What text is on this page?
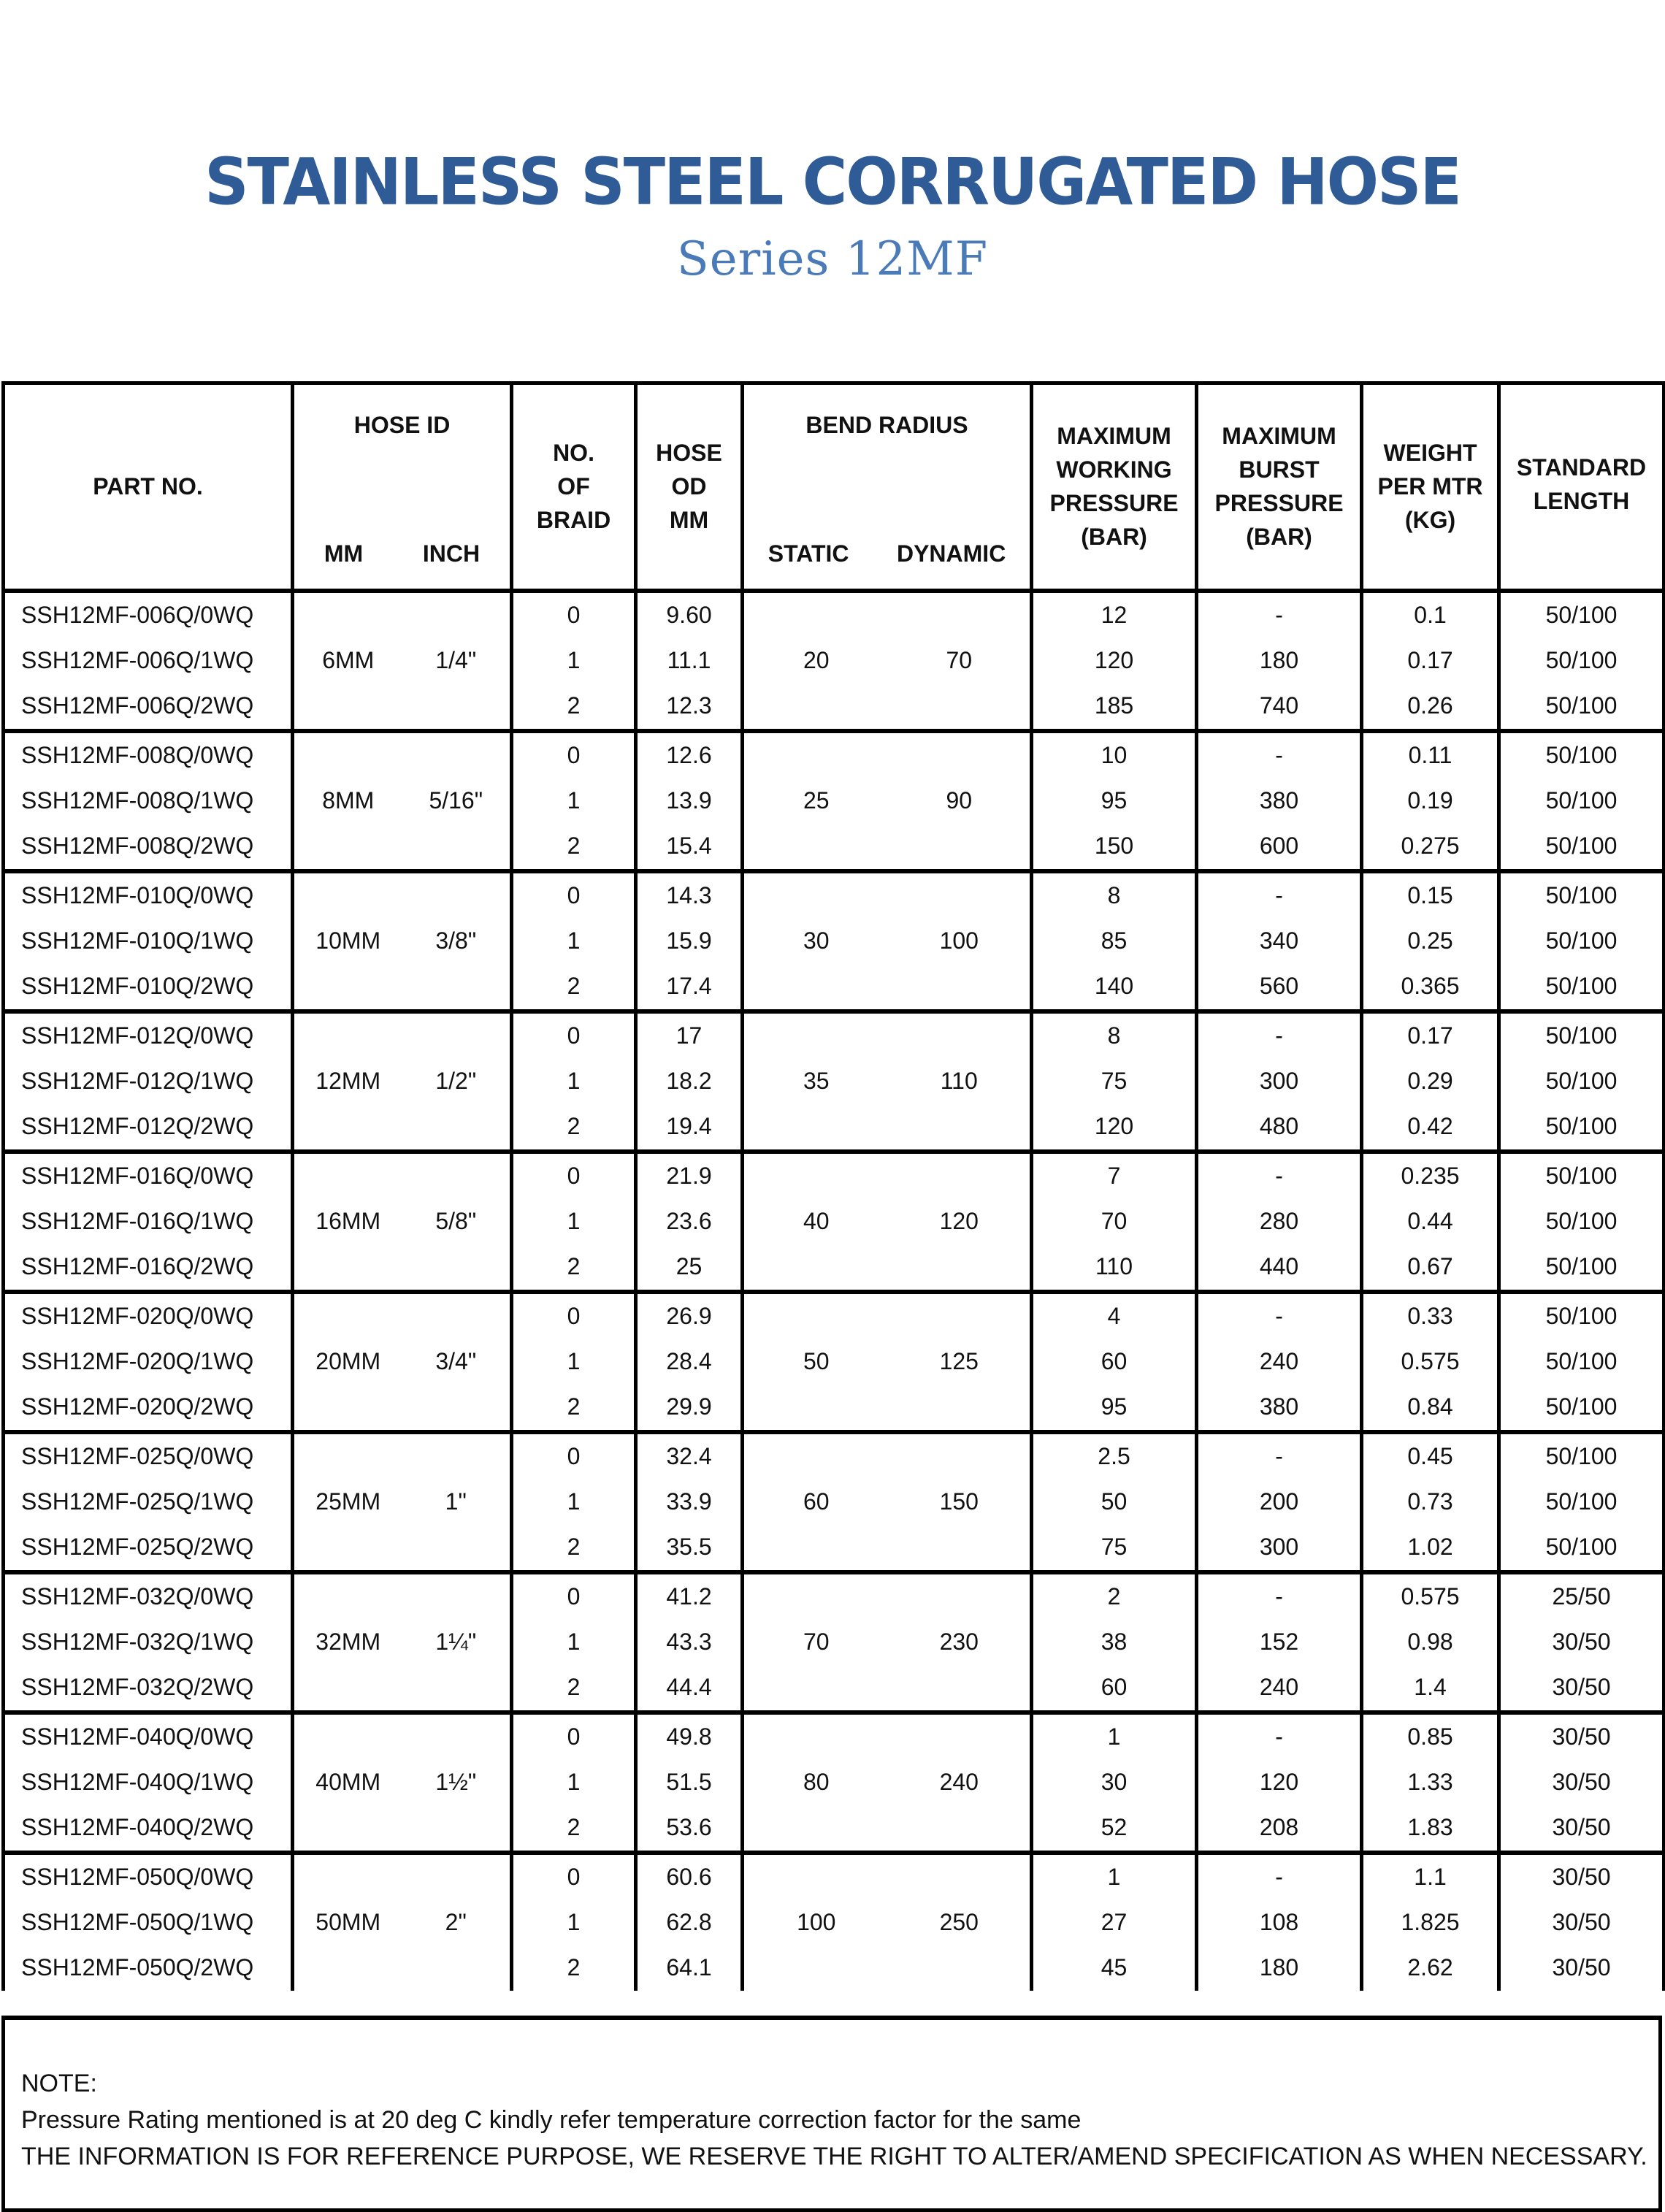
STAINLESS STEEL CORRUGATED HOSE
Series 12MF
PART NO.	
HOSE ID
MM	INCH

NO.
OF
BRAID

HOSE
OD
MM

BEND RADIUS
STATIC DYNAMIC

MAXIMUM
WORKING
PRESSURE
(BAR)

MAXIMUM
BURST
PRESSURE
(BAR)

WEIGHT
PER MTR
(KG)

STANDARD
LENGTH

SSH12MF-006Q/0WQ			0	9.60			12	-	0.1	50/100
SSH12MF-006Q/1WQ	6MM	1/4"	1	11.1	20	70	120	180	0.17	50/100
SSH12MF-006Q/2WQ			2	12.3			185	740	0.26	50/100
SSH12MF-008Q/0WQ			0	12.6			10	-	0.11	50/100
SSH12MF-008Q/1WQ	8MM	5/16"	1	13.9	25	90	95	380	0.19	50/100
SSH12MF-008Q/2WQ			2	15.4			150	600	0.275	50/100
SSH12MF-010Q/0WQ			0	14.3			8	-	0.15	50/100
SSH12MF-010Q/1WQ	10MM	3/8"	1	15.9	30	100	85	340	0.25	50/100
SSH12MF-010Q/2WQ			2	17.4			140	560	0.365	50/100
SSH12MF-012Q/0WQ			0	17			8	-	0.17	50/100
SSH12MF-012Q/1WQ	12MM	1/2"	1	18.2	35	110	75	300	0.29	50/100
SSH12MF-012Q/2WQ			2	19.4			120	480	0.42	50/100
SSH12MF-016Q/0WQ			0	21.9			7	-	0.235	50/100
SSH12MF-016Q/1WQ	16MM	5/8"	1	23.6	40	120	70	280	0.44	50/100
SSH12MF-016Q/2WQ			2	25			110	440	0.67	50/100
SSH12MF-020Q/0WQ			0	26.9			4	-	0.33	50/100
SSH12MF-020Q/1WQ	20MM	3/4"	1	28.4	50	125	60	240	0.575	50/100
SSH12MF-020Q/2WQ			2	29.9			95	380	0.84	50/100
SSH12MF-025Q/0WQ			0	32.4			2.5	-	0.45	50/100
SSH12MF-025Q/1WQ	25MM	1"	1	33.9	60	150	50	200	0.73	50/100
SSH12MF-025Q/2WQ			2	35.5			75	300	1.02	50/100
SSH12MF-032Q/0WQ			0	41.2			2	-	0.575	25/50
SSH12MF-032Q/1WQ	32MM	1¼"	1	43.3	70	230	38	152	0.98	30/50
SSH12MF-032Q/2WQ			2	44.4			60	240	1.4	30/50
SSH12MF-040Q/0WQ			0	49.8			1	-	0.85	30/50
SSH12MF-040Q/1WQ	40MM	1½"	1	51.5	80	240	30	120	1.33	30/50
SSH12MF-040Q/2WQ			2	53.6			52	208	1.83	30/50
SSH12MF-050Q/0WQ			0	60.6			1	-	1.1	30/50
SSH12MF-050Q/1WQ	50MM	2"	1	62.8	100	250	27	108	1.825	30/50
SSH12MF-050Q/2WQ			2	64.1			45	180	2.62	30/50

NOTE:

Pressure Rating mentioned is at 20 deg C kindly refer temperature correction factor for the same

THE INFORMATION IS FOR REFERENCE PURPOSE, WE RESERVE THE RIGHT TO ALTER/AMEND SPECIFICATION AS WHEN NECESSARY.
